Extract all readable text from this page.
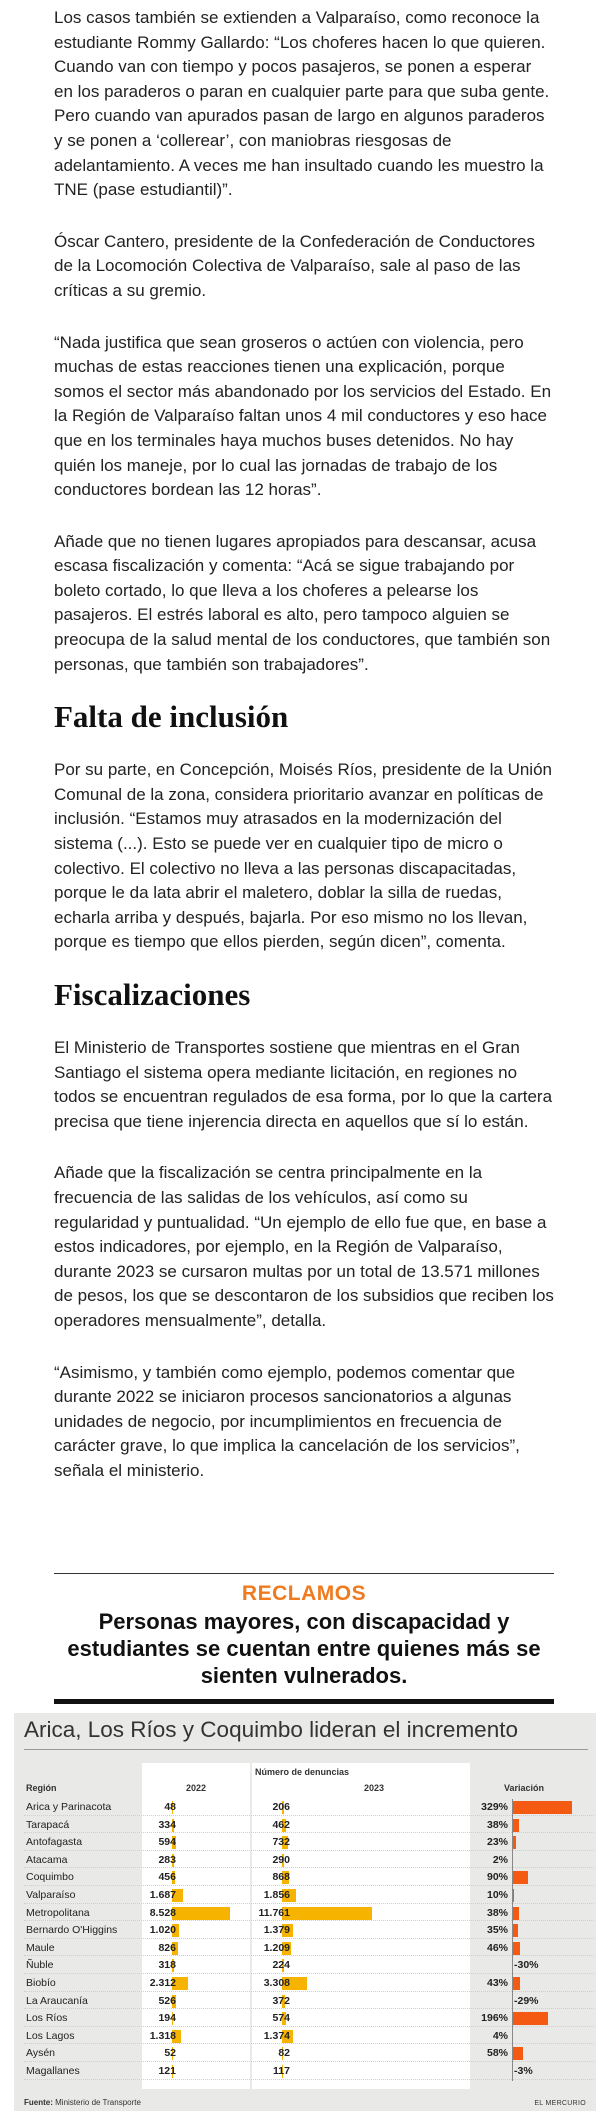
Los casos también se extienden a Valparaíso, como reconoce la estudiante Rommy Gallardo: “Los choferes hacen lo que quieren. Cuando van con tiempo y pocos pasajeros, se ponen a esperar en los paraderos o paran en cualquier parte para que suba gente. Pero cuando van apurados pasan de largo en algunos paraderos y se ponen a ‘collerear’, con maniobras riesgosas de adelantamiento. A veces me han insultado cuando les muestro la TNE (pase estudiantil)”.

Óscar Cantero, presidente de la Confederación de Conductores de la Locomoción Colectiva de Valparaíso, sale al paso de las críticas a su gremio.

“Nada justifica que sean groseros o actúen con violencia, pero muchas de estas reacciones tienen una explicación, porque somos el sector más abandonado por los servicios del Estado. En la Región de Valparaíso faltan unos 4 mil conductores y eso hace que en los terminales haya muchos buses detenidos. No hay quién los maneje, por lo cual las jornadas de trabajo de los conductores bordean las 12 horas”.

Añade que no tienen lugares apropiados para descansar, acusa escasa fiscalización y comenta: “Acá se sigue trabajando por boleto cortado, lo que lleva a los choferes a pelearse los pasajeros. El estrés laboral es alto, pero tampoco alguien se preocupa de la salud mental de los conductores, que también son personas, que también son trabajadores”.

Falta de inclusión

Por su parte, en Concepción, Moisés Ríos, presidente de la Unión Comunal de la zona, considera prioritario avanzar en políticas de inclusión. “Estamos muy atrasados en la modernización del sistema (...). Esto se puede ver en cualquier tipo de micro o colectivo. El colectivo no lleva a las personas discapacitadas, porque le da lata abrir el maletero, doblar la silla de ruedas, echarla arriba y después, bajarla. Por eso mismo no los llevan, porque es tiempo que ellos pierden, según dicen”, comenta.

Fiscalizaciones

El Ministerio de Transportes sostiene que mientras en el Gran Santiago el sistema opera mediante licitación, en regiones no todos se encuentran regulados de esa forma, por lo que la cartera precisa que tiene injerencia directa en aquellos que sí lo están.

Añade que la fiscalización se centra principalmente en la frecuencia de las salidas de los vehículos, así como su regularidad y puntualidad. “Un ejemplo de ello fue que, en base a estos indicadores, por ejemplo, en la Región de Valparaíso, durante 2023 se cursaron multas por un total de 13.571 millones de pesos, los que se descontaron de los subsidios que reciben los operadores mensualmente”, detalla.

“Asimismo, y también como ejemplo, podemos comentar que durante 2022 se iniciaron procesos sancionatorios a algunas unidades de negocio, por incumplimientos en frecuencia de carácter grave, lo que implica la cancelación de los servicios”, señala el ministerio.

RECLAMOS
Personas mayores, con discapacidad y estudiantes se cuentan entre quienes más se sienten vulnerados.
Arica, Los Ríos y Coquimbo lideran el incremento
Número de denuncias
Región	2022	2023	Variación
Arica y Parinacota	48	206	329%
Tarapacá	334	462	38%
Antofagasta	594	732	23%
Atacama	283	290	2%
Coquimbo	456	868	90%
Valparaíso	1.687	1.856	10%
Metropolitana	8.528	11.761	38%
Bernardo O'Higgins	1.020	1.379	35%
Maule	826	1.209	46%
Ñuble	318	224	-30%
Biobío	2.312	3.308	43%
La Araucanía	526	372	-29%
Los Ríos	194	574	196%
Los Lagos	1.318	1.374	4%
Aysén	52	82	58%
Magallanes	121	117	-3%
Fuente: Ministerio de Transporte	EL MERCURIO
